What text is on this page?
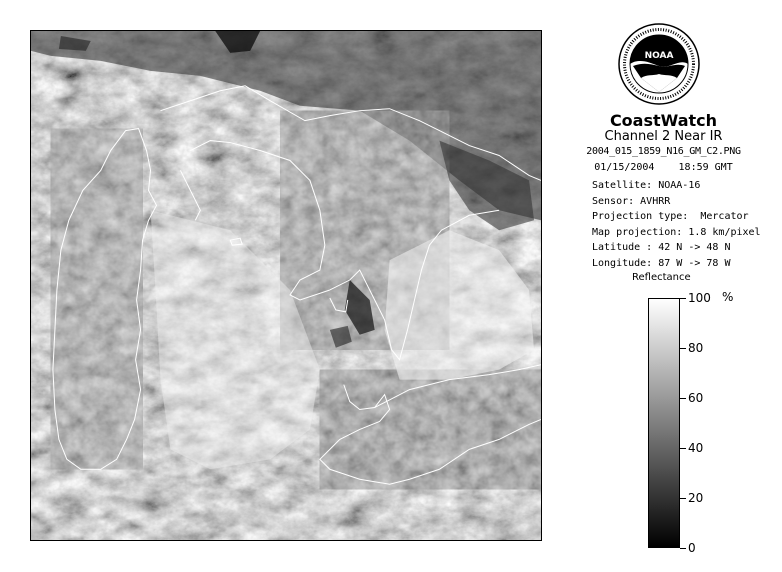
NOAA
CoastWatch
Channel 2 Near IR
2004_015_1859_N16_GM_C2.PNG
01/15/2004    18:59 GMT
Satellite: NOAA-16
Sensor: AVHRR
Projection type:  Mercator
Map projection: 1.8 km/pixel
Latitude : 42 N -> 48 N
Longitude: 87 W -> 78 W
Reflectance
%
100
80
60
40
20
0
